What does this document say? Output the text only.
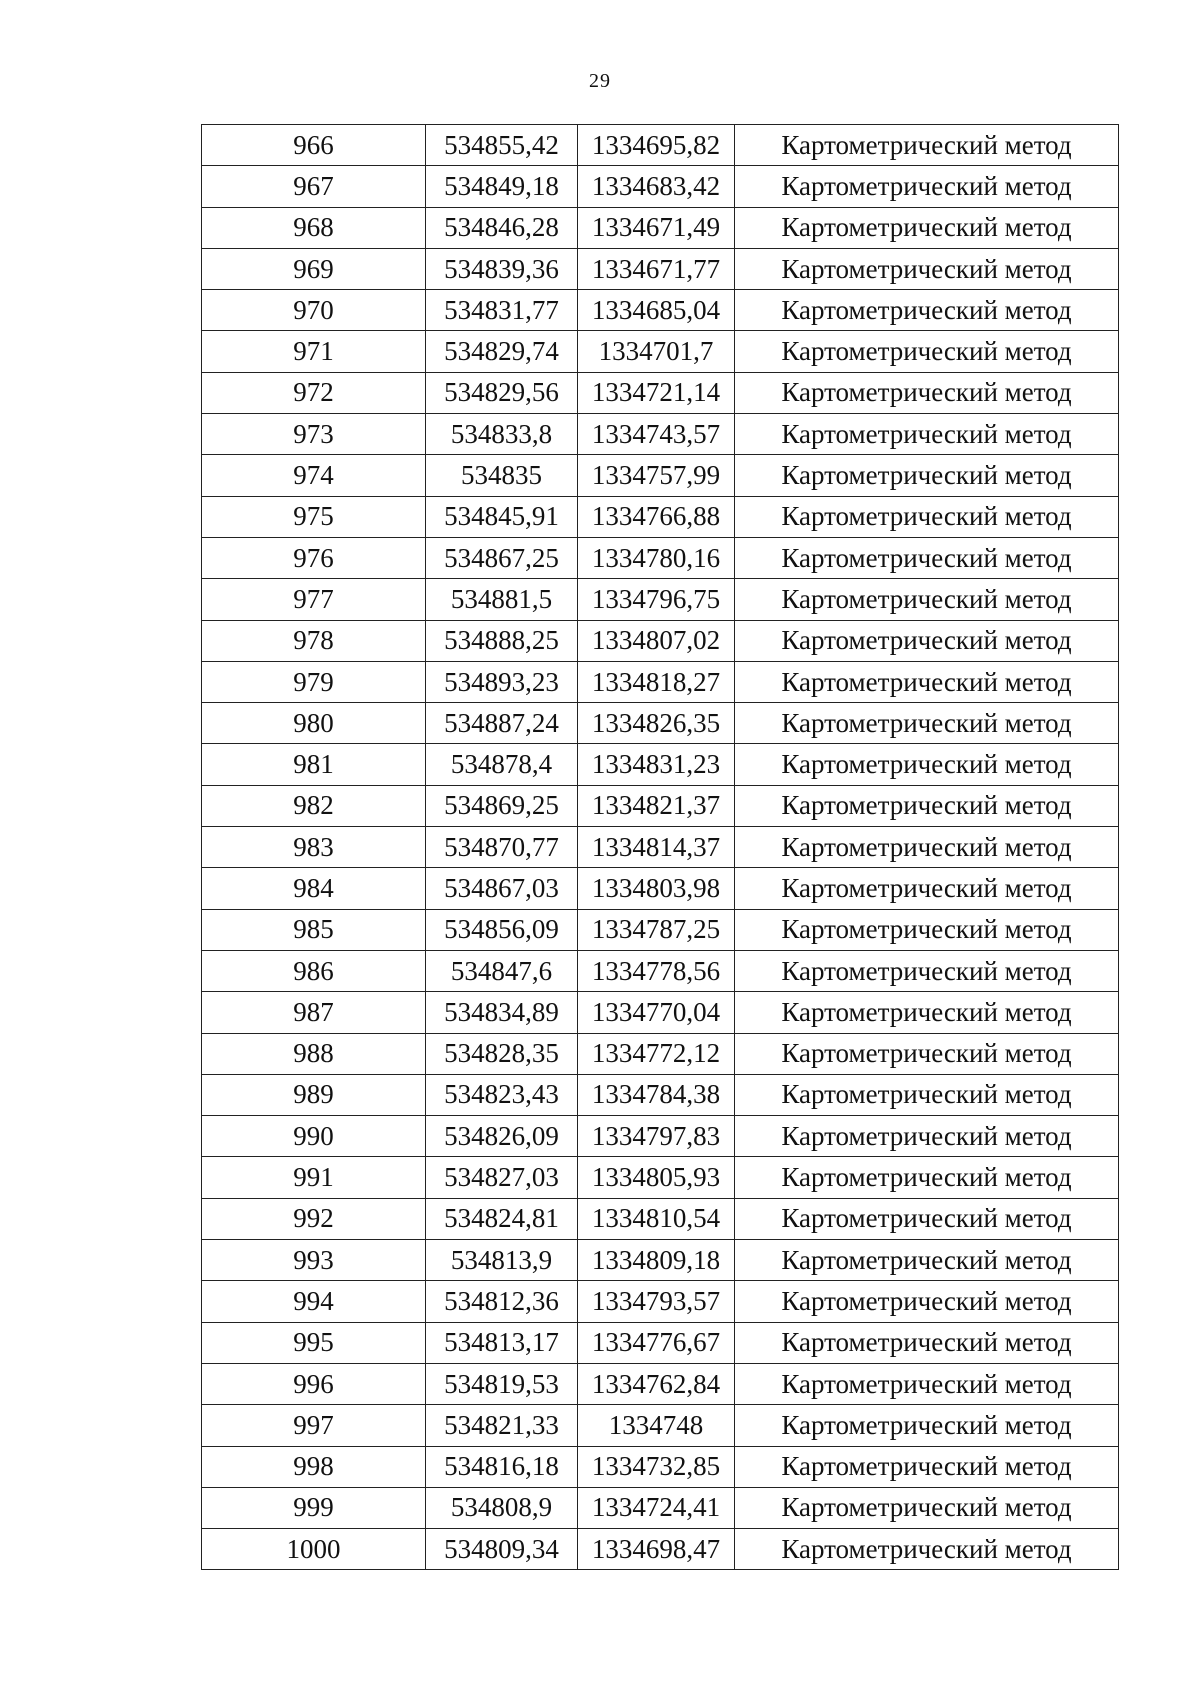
29
966	534855,42	1334695,82	Картометрический метод
967	534849,18	1334683,42	Картометрический метод
968	534846,28	1334671,49	Картометрический метод
969	534839,36	1334671,77	Картометрический метод
970	534831,77	1334685,04	Картометрический метод
971	534829,74	1334701,7	Картометрический метод
972	534829,56	1334721,14	Картометрический метод
973	534833,8	1334743,57	Картометрический метод
974	534835	1334757,99	Картометрический метод
975	534845,91	1334766,88	Картометрический метод
976	534867,25	1334780,16	Картометрический метод
977	534881,5	1334796,75	Картометрический метод
978	534888,25	1334807,02	Картометрический метод
979	534893,23	1334818,27	Картометрический метод
980	534887,24	1334826,35	Картометрический метод
981	534878,4	1334831,23	Картометрический метод
982	534869,25	1334821,37	Картометрический метод
983	534870,77	1334814,37	Картометрический метод
984	534867,03	1334803,98	Картометрический метод
985	534856,09	1334787,25	Картометрический метод
986	534847,6	1334778,56	Картометрический метод
987	534834,89	1334770,04	Картометрический метод
988	534828,35	1334772,12	Картометрический метод
989	534823,43	1334784,38	Картометрический метод
990	534826,09	1334797,83	Картометрический метод
991	534827,03	1334805,93	Картометрический метод
992	534824,81	1334810,54	Картометрический метод
993	534813,9	1334809,18	Картометрический метод
994	534812,36	1334793,57	Картометрический метод
995	534813,17	1334776,67	Картометрический метод
996	534819,53	1334762,84	Картометрический метод
997	534821,33	1334748	Картометрический метод
998	534816,18	1334732,85	Картометрический метод
999	534808,9	1334724,41	Картометрический метод
1000	534809,34	1334698,47	Картометрический метод
